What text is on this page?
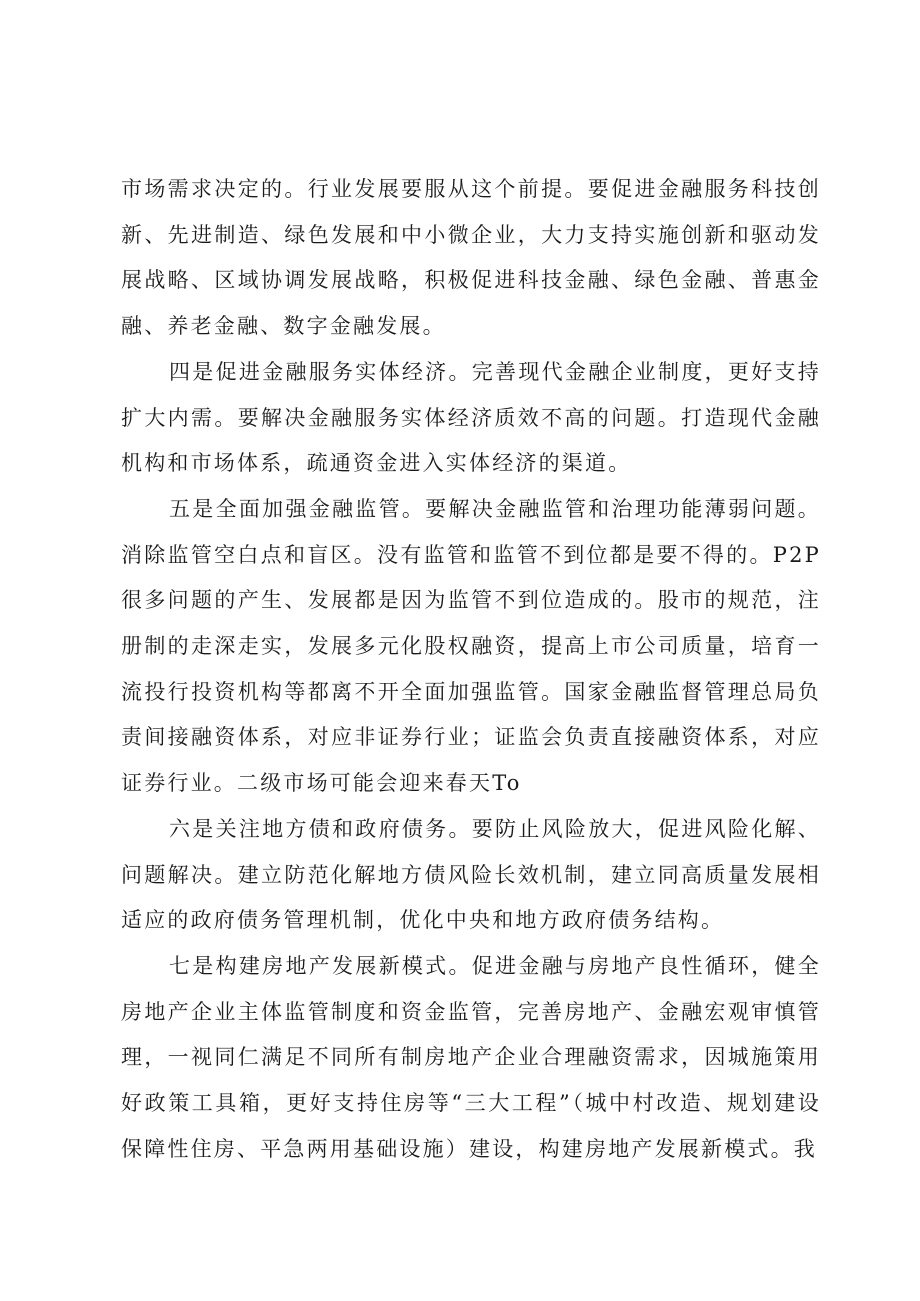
市场需求决定的。行业发展要服从这个前提。要促进金融服务科技创新、先进制造、绿色发展和中小微企业，大力支持实施创新和驱动发展战略、区域协调发展战略，积极促进科技金融、绿色金融、普惠金融、养老金融、数字金融发展。

四是促进金融服务实体经济。完善现代金融企业制度，更好支持扩大内需。要解决金融服务实体经济质效不高的问题。打造现代金融机构和市场体系，疏通资金进入实体经济的渠道。

五是全面加强金融监管。要解决金融监管和治理功能薄弱问题。消除监管空白点和盲区。没有监管和监管不到位都是要不得的。P2P很多问题的产生、发展都是因为监管不到位造成的。股市的规范，注册制的走深走实，发展多元化股权融资，提高上市公司质量，培育一流投行投资机构等都离不开全面加强监管。国家金融监督管理总局负责间接融资体系，对应非证券行业；证监会负责直接融资体系，对应证券行业。二级市场可能会迎来春天To

六是关注地方债和政府债务。要防止风险放大，促进风险化解、问题解决。建立防范化解地方债风险长效机制，建立同高质量发展相适应的政府债务管理机制，优化中央和地方政府债务结构。

七是构建房地产发展新模式。促进金融与房地产良性循环，健全房地产企业主体监管制度和资金监管，完善房地产、金融宏观审慎管理，一视同仁满足不同所有制房地产企业合理融资需求，因城施策用好政策工具箱，更好支持住房等“三大工程”（城中村改造、规划建设保障性住房、平急两用基础设施）建设，构建房地产发展新模式。我
